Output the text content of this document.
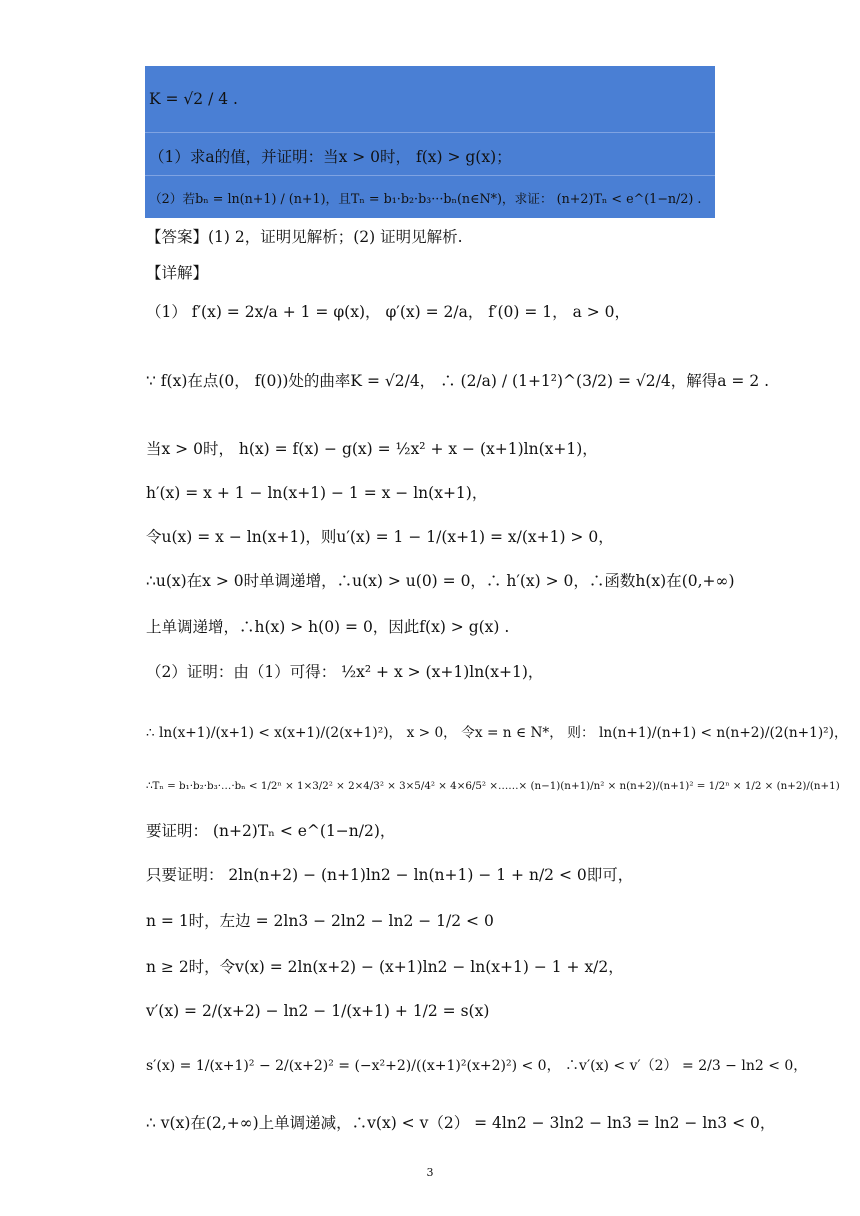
K = √2 / 4 .
（1）求a的值，并证明：当x > 0时， f(x) > g(x)；
（2）若bₙ = ln(n+1) / (n+1)，且Tₙ = b₁·b₂·b₃···bₙ(n∈N*)，求证： (n+2)Tₙ < e^(1−n/2) .
【答案】(1) 2，证明见解析；(2) 证明见解析.
【详解】
（1） f′(x) = 2x/a + 1 = φ(x)， φ′(x) = 2/a， f′(0) = 1， a > 0，
∵ f(x)在点(0， f(0))处的曲率K = √2/4， ∴ (2/a) / (1+1²)^(3/2) = √2/4，解得a = 2 .
当x > 0时， h(x) = f(x) − g(x) = ½x² + x − (x+1)ln(x+1)，
h′(x) = x + 1 − ln(x+1) − 1 = x − ln(x+1)，
令u(x) = x − ln(x+1)，则u′(x) = 1 − 1/(x+1) = x/(x+1) > 0，
∴u(x)在x > 0时单调递增，∴u(x) > u(0) = 0，∴ h′(x) > 0，∴函数h(x)在(0,+∞)
上单调递增，∴h(x) > h(0) = 0，因此f(x) > g(x) .
（2）证明：由（1）可得： ½x² + x > (x+1)ln(x+1)，
∴ ln(x+1)/(x+1) < x(x+1)/(2(x+1)²)， x > 0， 令x = n ∈ N*， 则： ln(n+1)/(n+1) < n(n+2)/(2(n+1)²)，
∴Tₙ = b₁·b₂·b₃·…·bₙ < 1/2ⁿ × 1×3/2² × 2×4/3² × 3×5/4² × 4×6/5² ×……× (n−1)(n+1)/n² × n(n+2)/(n+1)² = 1/2ⁿ × 1/2 × (n+2)/(n+1)
要证明： (n+2)Tₙ < e^(1−n/2)，
只要证明： 2ln(n+2) − (n+1)ln2 − ln(n+1) − 1 + n/2 < 0即可，
n = 1时，左边 = 2ln3 − 2ln2 − ln2 − 1/2 < 0
n ≥ 2时，令v(x) = 2ln(x+2) − (x+1)ln2 − ln(x+1) − 1 + x/2，
v′(x) = 2/(x+2) − ln2 − 1/(x+1) + 1/2 = s(x)
s′(x) = 1/(x+1)² − 2/(x+2)² = (−x²+2)/((x+1)²(x+2)²) < 0， ∴v′(x) < v′（2） = 2/3 − ln2 < 0，
∴ v(x)在(2,+∞)上单调递减，∴v(x) < v（2） = 4ln2 − 3ln2 − ln3 = ln2 − ln3 < 0，
3
